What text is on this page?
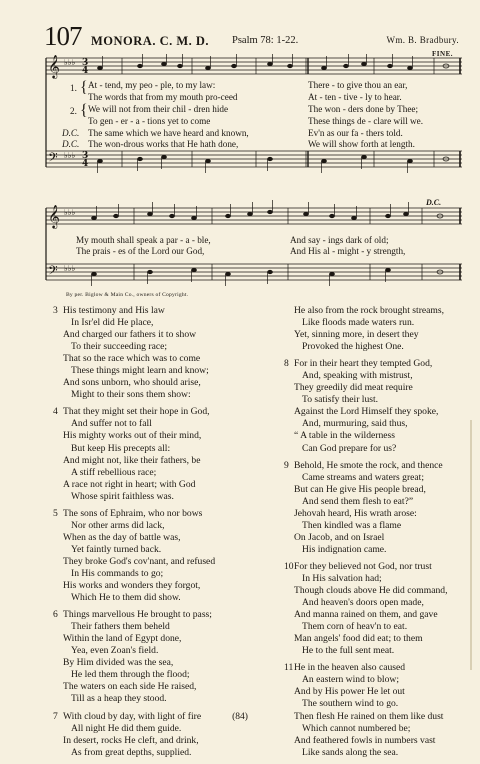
107 MONORA. C. M. D. Psalm 78: 1-22.	Wm. B. Bradbury.
FINE.
𝄞
𝄢
♭♭♭
♭♭♭
3
4
3
4
1.
2.
{
{
At - tend, my peo - ple, to my law:	There - to give thou an ear,
The words that from my mouth pro-ceed	At - ten - tive - ly to hear.
We will not from their chil - dren hide	The won - ders done by Thee;
To gen - er - a - tions yet to come	These things de - clare will we.
D.C. The same which we have heard and known,	Ev'n as our fa - thers told.
D.C. The won-drous works that He hath done,	We will show forth at length.
𝄞
𝄢
♭♭♭
♭♭♭
D.C.
My mouth shall speak a par - a - ble,	And say - ings dark of old;
The prais - es of the Lord our God,	And His al - might - y strength,
By per. Biglow & Main Co., owners of Copyright.
3 His testimony and His law
In Isr'el did He place,
And charged our fathers it to show
To their succeeding race;
That so the race which was to come
These things might learn and know;
And sons unborn, who should arise,
Might to their sons them show:
4 That they might set their hope in God,
And suffer not to fall
His mighty works out of their mind,
But keep His precepts all:
And might not, like their fathers, be
A stiff rebellious race;
A race not right in heart; with God
Whose spirit faithless was.
5 The sons of Ephraim, who nor bows
Nor other arms did lack,
When as the day of battle was,
Yet faintly turned back.
They broke God's cov'nant, and refused
In His commands to go;
His works and wonders they forgot,
Which He to them did show.
6 Things marvellous He brought to pass;
Their fathers them beheld
Within the land of Egypt done,
Yea, even Zoan's field.
By Him divided was the sea,
He led them through the flood;
The waters on each side He raised,
Till as a heap they stood.
7 With cloud by day, with light of fire
All night He did them guide.
In desert, rocks He cleft, and drink,
As from great depths, supplied.
He also from the rock brought streams,
Like floods made waters run.
Yet, sinning more, in desert they
Provoked the highest One.
8 For in their heart they tempted God,
And, speaking with mistrust,
They greedily did meat require
To satisfy their lust.
Against the Lord Himself they spoke,
And, murmuring, said thus,
“ A table in the wilderness
Can God prepare for us?
9 Behold, He smote the rock, and thence
Came streams and waters great;
But can He give His people bread,
And send them flesh to eat?”
Jehovah heard, His wrath arose:
Then kindled was a flame
On Jacob, and on Israel
His indignation came.
10 For they believed not God, nor trust
In His salvation had;
Though clouds above He did command,
And heaven's doors open made,
And manna rained on them, and gave
Them corn of heav'n to eat.
Man angels' food did eat; to them
He to the full sent meat.
11 He in the heaven also caused
An eastern wind to blow;
And by His power He let out
The southern wind to go.
Then flesh He rained on them like dust
Which cannot numbered be;
And feathered fowls in numbers vast
Like sands along the sea.
(84)
